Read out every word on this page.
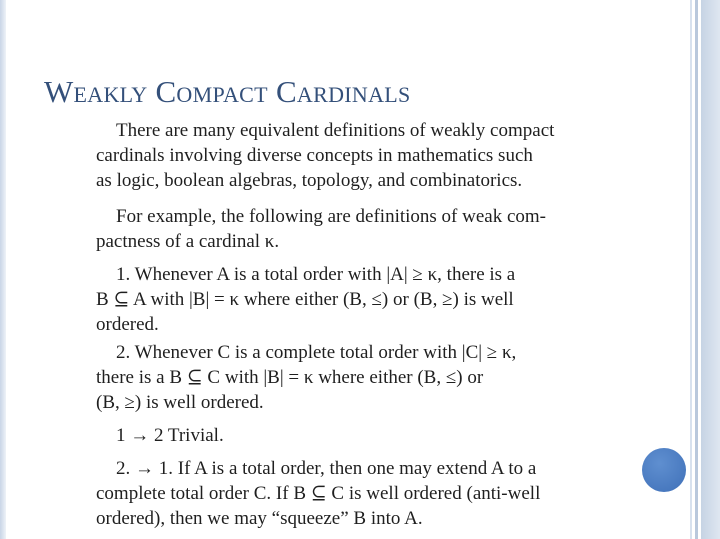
Weakly Compact Cardinals
There are many equivalent definitions of weakly compact
cardinals involving diverse concepts in mathematics such
as logic, boolean algebras, topology, and combinatorics.
For example, the following are definitions of weak com-
pactness of a cardinal κ.
1. Whenever A is a total order with |A| ≥ κ, there is a
B ⊆ A with |B| = κ where either (B, ≤) or (B, ≥) is well
ordered.
2. Whenever C is a complete total order with |C| ≥ κ,
there is a B ⊆ C with |B| = κ where either (B, ≤) or
(B, ≥) is well ordered.
1 → 2 Trivial.
2. → 1. If A is a total order, then one may extend A to a
complete total order C. If B ⊆ C is well ordered (anti-well
ordered), then we may “squeeze” B into A.
